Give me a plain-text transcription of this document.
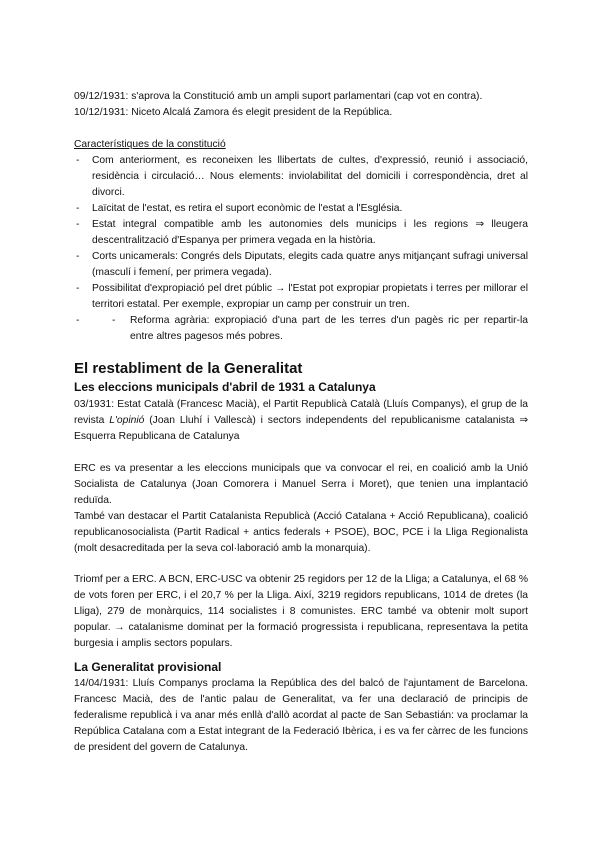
09/12/1931: s'aprova la Constitució amb un ampli suport parlamentari (cap vot en contra).

10/12/1931: Niceto Alcalá Zamora és elegit president de la República.

Característiques de la constitució

- Com anteriorment, es reconeixen les llibertats de cultes, d'expressió, reunió i associació, residència i circulació… Nous elements: inviolabilitat del domicili i correspondència, dret al divorci.
- Laïcitat de l'estat, es retira el suport econòmic de l'estat a l'Església.
- Estat integral compatible amb les autonomies dels municips i les regions ⇒ lleugera descentralització d'Espanya per primera vegada en la història.
- Corts unicamerals: Congrés dels Diputats, elegits cada quatre anys mitjançant sufragi universal (masculí i femení, per primera vegada).
- Possibilitat d'expropiació pel dret públic → l'Estat pot expropiar propietats i terres per millorar el territori estatal. Per exemple, expropiar un camp per construir un tren.
- - Reforma agrària: expropiació d'una part de les terres d'un pagès ric per repartir-la entre altres pagesos més pobres.
El restabliment de la Generalitat
Les eleccions municipals d'abril de 1931 a Catalunya

03/1931: Estat Català (Francesc Macià), el Partit Republicà Català (Lluís Companys), el grup de la revista L'opinió (Joan Lluhí i Vallescà) i sectors independents del republicanisme catalanista ⇒ Esquerra Republicana de Catalunya

ERC es va presentar a les eleccions municipals que va convocar el rei, en coalició amb la Unió Socialista de Catalunya (Joan Comorera i Manuel Serra i Moret), que tenien una implantació reduïda.

També van destacar el Partit Catalanista Republicà (Acció Catalana + Acció Republicana), coalició republicanosocialista (Partit Radical + antics federals + PSOE), BOC, PCE i la Lliga Regionalista (molt desacreditada per la seva col·laboració amb la monarquia).

Triomf per a ERC. A BCN, ERC-USC va obtenir 25 regidors per 12 de la Lliga; a Catalunya, el 68 % de vots foren per ERC, i el 20,7 % per la Lliga. Així, 3219 regidors republicans, 1014 de dretes (la Lliga), 279 de monàrquics, 114 socialistes i 8 comunistes. ERC també va obtenir molt suport popular. → catalanisme dominat per la formació progressista i republicana, representava la petita burgesia i amplis sectors populars.

La Generalitat provisional

14/04/1931: Lluís Companys proclama la República des del balcó de l'ajuntament de Barcelona. Francesc Macià, des de l'antic palau de Generalitat, va fer una declaració de principis de federalisme republicà i va anar més enllà d'allò acordat al pacte de San Sebastián: va proclamar la República Catalana com a Estat integrant de la Federació Ibèrica, i es va fer càrrec de les funcions de president del govern de Catalunya.
